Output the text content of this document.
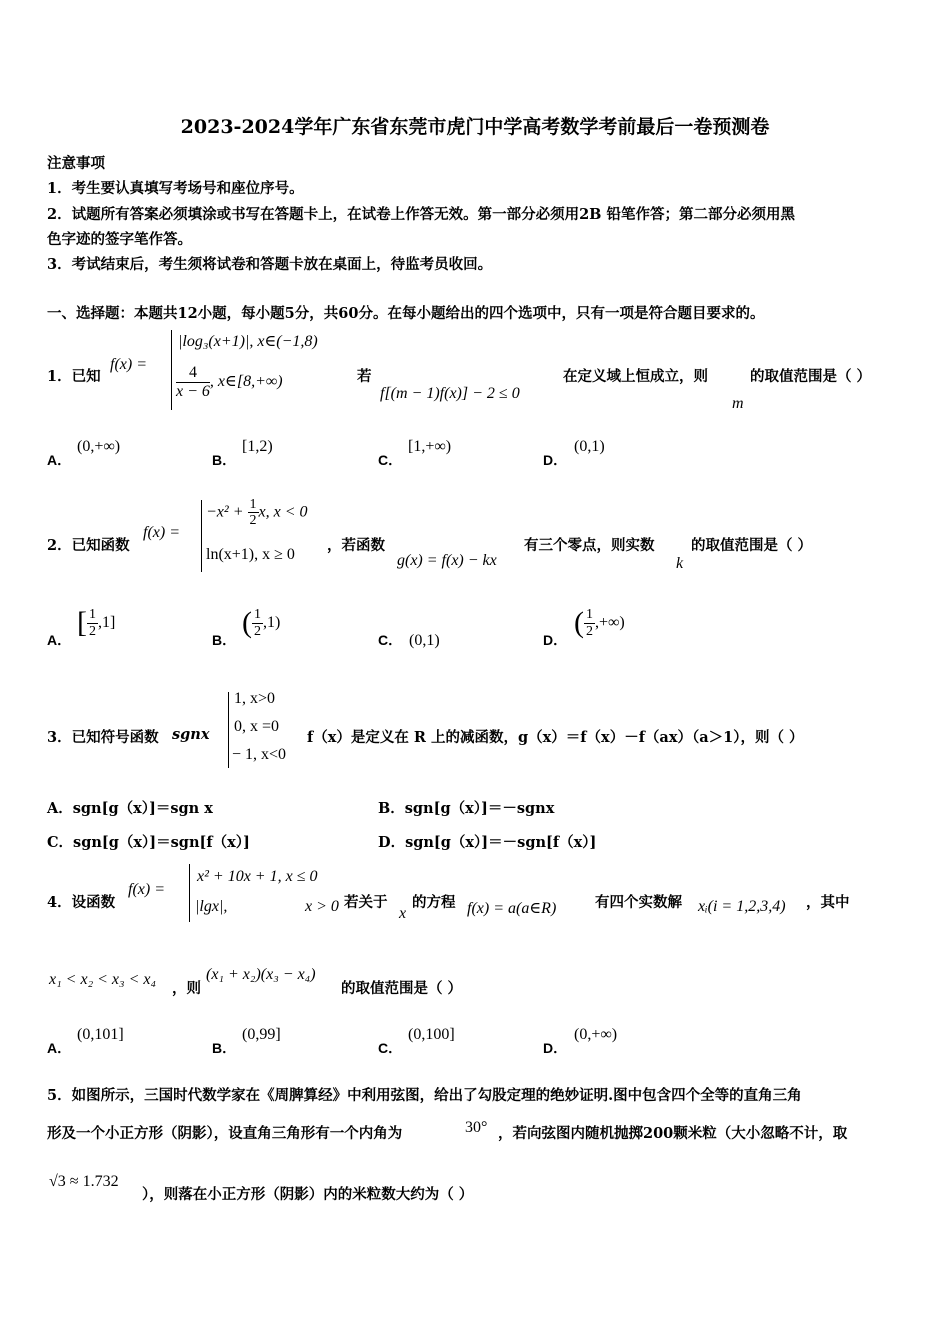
2023-2024学年广东省东莞市虎门中学高考数学考前最后一卷预测卷
注意事项
1．考生要认真填写考场号和座位序号。
2．试题所有答案必须填涂或书写在答题卡上，在试卷上作答无效。第一部分必须用2B 铅笔作答；第二部分必须用黑
色字迹的签字笔作答。
3．考试结束后，考生须将试卷和答题卡放在桌面上，待监考员收回。
一、选择题：本题共12小题，每小题5分，共60分。在每小题给出的四个选项中，只有一项是符合题目要求的。
1．已知
f(x) =
|log₃(x+1)|, x∈(−1,8)
$\frac{4}{x - 6}$ , x∈[8,+∞)	若
f[(m − 1)f(x)] − 2 ≤ 0
在定义域上恒成立，则
m
的取值范围是（ ）
A．
(0,+∞)
B．
[1,2)
C．
[1,+∞)
D．
(0,1)
2．已知函数
f(x) =
$-x^2 + \frac{1}{2} x$, x < 0
ln(x+1), x ≥ 0
，若函数
g(x) = f(x) − kx
有三个零点，则实数
k
的取值范围是（ ）
A．
[ $\frac{1}{2} ,1$]
B．
( $\frac{1}{2} ,1$)
C． (0,1)	D．
( $\frac{1}{2}$ ,+∞)
3．已知符号函数 sgnx
1, x>0
0, x =0
− 1, x<0
f（x）是定义在 R 上的减函数，g（x）＝f（x）－f（ax）（a＞1），则（ ）
A．sgn[g（x）]＝sgn x	B．sgn[g（x）]＝－sgnx
C．sgn[g（x）]＝sgn[f（x）]	D．sgn[g（x）]＝－sgn[f（x）]
4．设函数
f(x) =
x² + 10x + 1, x ≤ 0
|lgx|,	x > 0 若关于
x
的方程 f(x) = a(a∈R)	有四个实数解 xᵢ(i = 1,2,3,4) ，其中
x₁ < x₂ < x₃ < x₄
，则
(x₁ + x₂)(x₃ − x₄)
的取值范围是（ ）
A．
(0,101]
B．
(0,99]
C．
(0,100]
D．
(0,+∞)
5．如图所示，三国时代数学家在《周脾算经》中利用弦图，给出了勾股定理的绝妙证明.图中包含四个全等的直角三角
形及一个小正方形（阴影），设直角三角形有一个内角为	30° ，若向弦图内随机抛掷200颗米粒（大小忽略不计，取
√3 ≈ 1.732
），则落在小正方形（阴影）内的米粒数大约为（ ）
